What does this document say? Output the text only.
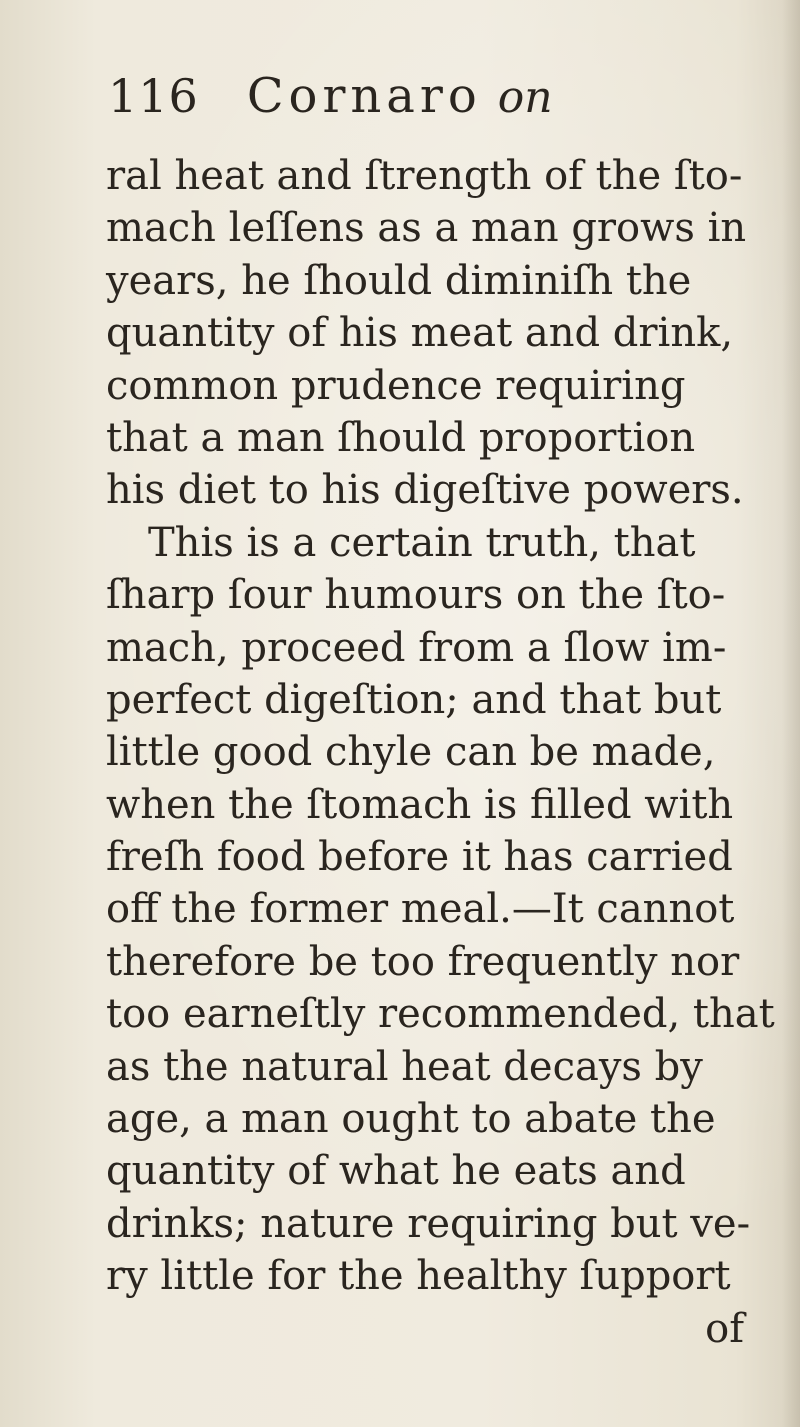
116 Cornaro on
ral heat and ſtrength of the ſto-
mach leſſens as a man grows in
years, he ſhould diminiſh the
quantity of his meat and drink,
common prudence requiring
that a man ſhould proportion
his diet to his digeſtive powers.
This is a certain truth, that
ſharp ſour humours on the ſto-
mach, proceed from a ſlow im-
perfect digeſtion; and that but
little good chyle can be made,
when the ſtomach is filled with
freſh food before it has carried
off the former meal.—It cannot
therefore be too frequently nor
too earneſtly recommended, that
as the natural heat decays by
age, a man ought to abate the
quantity of what he eats and
drinks; nature requiring but ve-
ry little for the healthy ſupport
of
